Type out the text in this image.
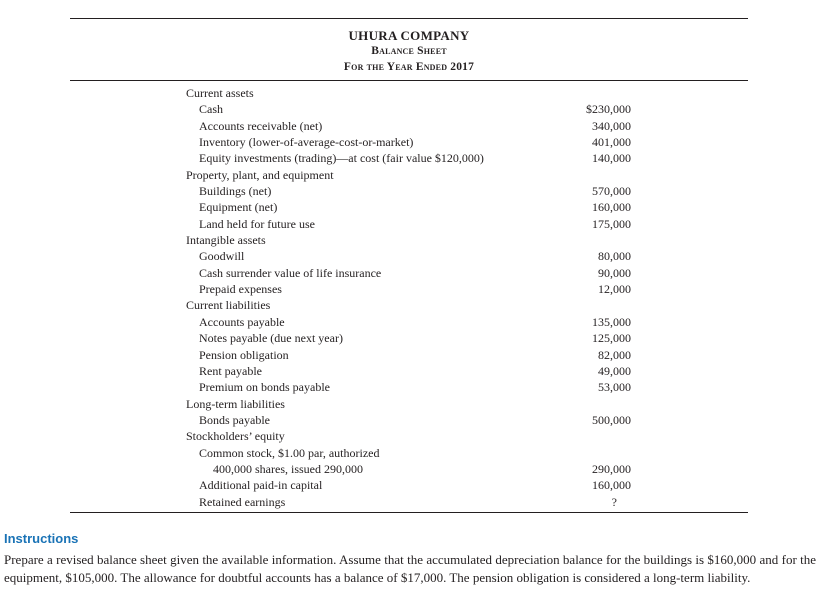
UHURA COMPANY
Balance Sheet
For the Year Ended 2017
Current assets
Cash	$230,000
Accounts receivable (net)	340,000
Inventory (lower-of-average-cost-or-market)	401,000
Equity investments (trading)—at cost (fair value $120,000)	140,000
Property, plant, and equipment
Buildings (net)	570,000
Equipment (net)	160,000
Land held for future use	175,000
Intangible assets
Goodwill	80,000
Cash surrender value of life insurance	90,000
Prepaid expenses	12,000
Current liabilities
Accounts payable	135,000
Notes payable (due next year)	125,000
Pension obligation	82,000
Rent payable	49,000
Premium on bonds payable	53,000
Long-term liabilities
Bonds payable	500,000
Stockholders’ equity
Common stock, $1.00 par, authorized
400,000 shares, issued 290,000	290,000
Additional paid-in capital	160,000
Retained earnings	?
Instructions
Prepare a revised balance sheet given the available information. Assume that the accumulated depreciation balance for the buildings is $160,000 and for the equipment, $105,000. The allowance for doubtful accounts has a balance of $17,000. The pension obligation is considered a long-term liability.
